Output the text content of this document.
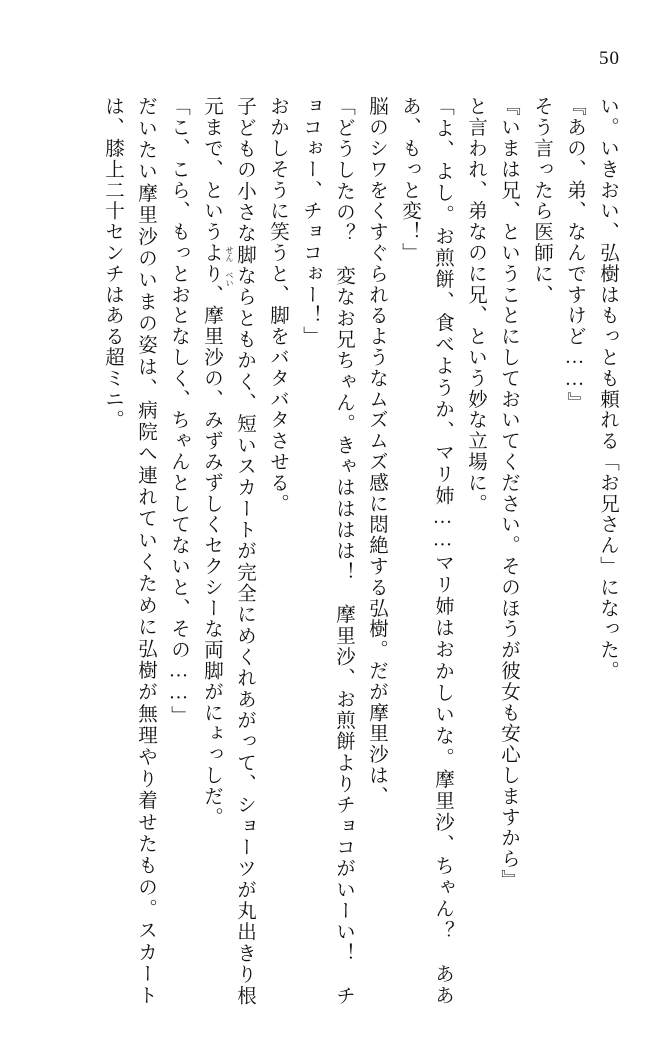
50

い。いきおい、弘樹はもっとも頼れる「お兄さん」になった。

『あの、弟、なんですけど……』

そう言ったら医師に、

『いまは兄、ということにしておいてください。そのほうが彼女も安心しますから』

と言われ、弟なのに兄、という妙な立場に。

「よ、よし。お煎餅、食べようか、マリ姉……マリ姉はおかしいな。摩里沙、ちゃん？　あああ、もっと変！」

脳のシワをくすぐられるようなムズムズ感に悶絶する弘樹。だが摩里沙は、

「どうしたの？　変なお兄ちゃん。きゃはははは！　摩里沙、お煎餅よりチョコがいーい！　チョコぉー、チョコぉー！」

おかしそうに笑うと、脚をバタバタさせる。

子どもの小さな脚ならともかく、短いスカートが完全にめくれあがって、ショーツが丸出きり根元まで、というより、摩里沙の、みずみずしくセクシーな両脚がにょっしだ。

「こ、こら、もっとおとなしく、ちゃんとしてないと、その……」

だいたい摩里沙のいまの姿は、病院へ連れていくために弘樹が無理やり着せたもの。スカートは、膝上二十センチはある超ミニ。	せん べい
